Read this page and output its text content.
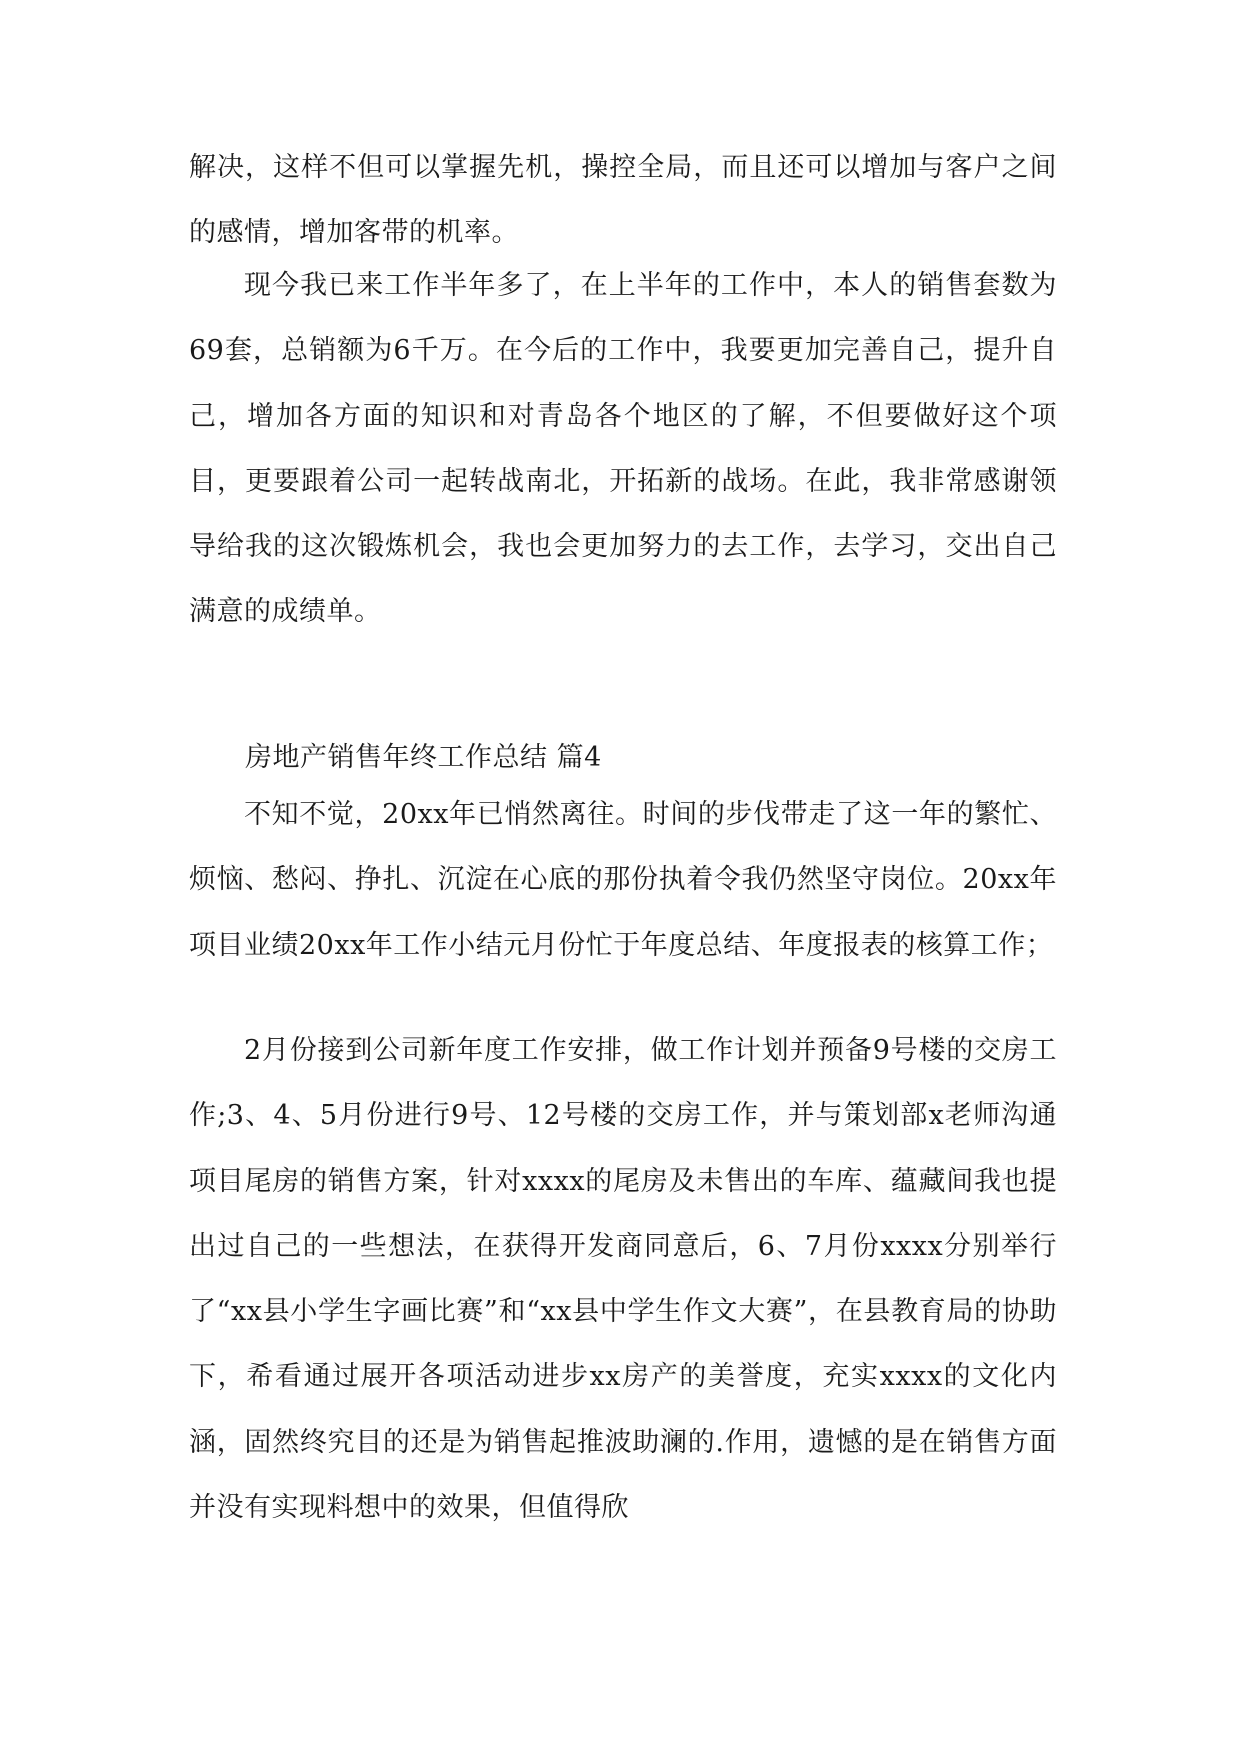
解决，这样不但可以掌握先机，操控全局，而且还可以增加与客户之间的感情，增加客带的机率。

现今我已来工作半年多了，在上半年的工作中，本人的销售套数为69套，总销额为6千万。在今后的工作中，我要更加完善自己，提升自己，增加各方面的知识和对青岛各个地区的了解，不但要做好这个项目，更要跟着公司一起转战南北，开拓新的战场。在此，我非常感谢领导给我的这次锻炼机会，我也会更加努力的去工作，去学习，交出自己满意的成绩单。

房地产销售年终工作总结 篇4

不知不觉，20xx年已悄然离往。时间的步伐带走了这一年的繁忙、烦恼、愁闷、挣扎、沉淀在心底的那份执着令我仍然坚守岗位。20xx年项目业绩20xx年工作小结元月份忙于年度总结、年度报表的核算工作；

2月份接到公司新年度工作安排，做工作计划并预备9号楼的交房工作;3、4、5月份进行9号、12号楼的交房工作，并与策划部x老师沟通项目尾房的销售方案，针对xxxx的尾房及未售出的车库、蕴藏间我也提出过自己的一些想法，在获得开发商同意后，6、7月份xxxx分别举行了“xx县小学生字画比赛”和“xx县中学生作文大赛”，在县教育局的协助下，希看通过展开各项活动进步xx房产的美誉度，充实xxxx的文化内涵，固然终究目的还是为销售起推波助澜的.作用，遗憾的是在销售方面并没有实现料想中的效果，但值得欣
